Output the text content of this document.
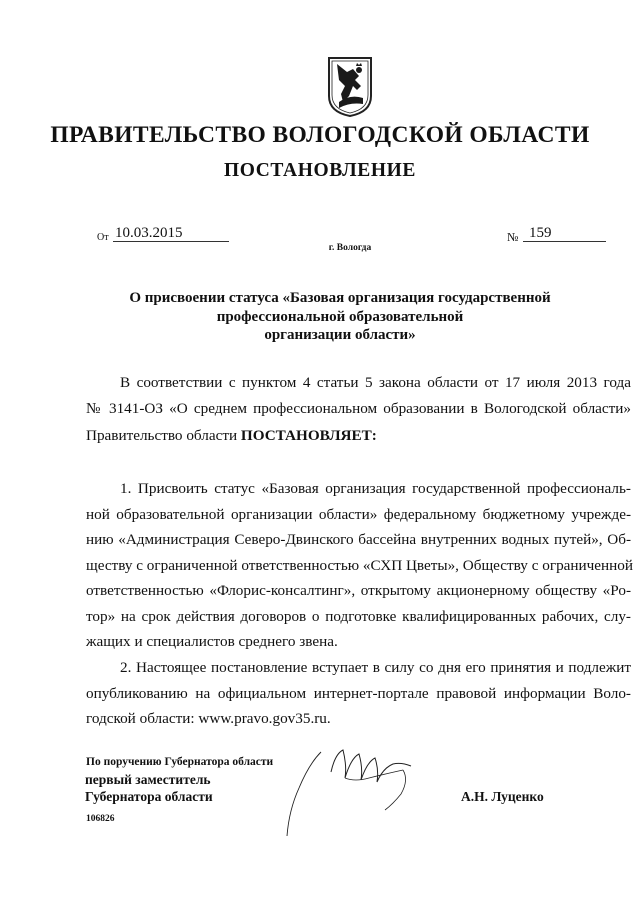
ПРАВИТЕЛЬСТВО ВОЛОГОДСКОЙ ОБЛАСТИ
ПОСТАНОВЛЕНИЕ
От 10.03.2015	№ 159
г. Вологда
О присвоении статуса «Базовая организация государственной
профессиональной образовательной
организации области»
В соответствии с пунктом 4 статьи 5 закона области от 17 июля 2013 года
№ 3141-ОЗ «О среднем профессиональном образовании в Вологодской области»
Правительство области ПОСТАНОВЛЯЕТ:
1. Присвоить статус «Базовая организация государственной профессиональ-
ной образовательной организации области» федеральному бюджетному учрежде-
нию «Администрация Северо-Двинского бассейна внутренних водных путей», Об-
ществу с ограниченной ответственностью «СХП Цветы», Обществу с ограниченной
ответственностью «Флорис-консалтинг», открытому акционерному обществу «Ро-
тор» на срок действия договоров о подготовке квалифицированных рабочих, слу-
жащих и специалистов среднего звена.
2. Настоящее постановление вступает в силу со дня его принятия и подлежит
опубликованию на официальном интернет-портале правовой информации Воло-
годской области: www.pravo.gov35.ru.
По поручению Губернатора области
первый заместитель
Губернатора области	А.Н. Луценко
106826
